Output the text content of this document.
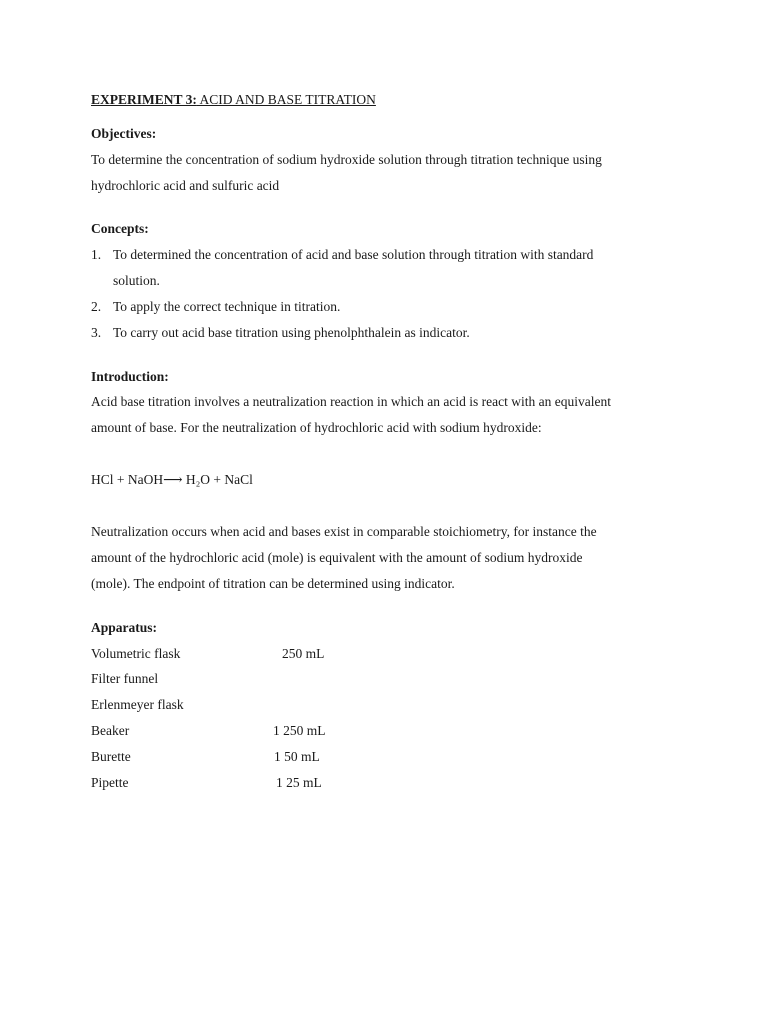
EXPERIMENT 3: ACID AND BASE TITRATION
Objectives:
To determine the concentration of sodium hydroxide solution through titration technique using
hydrochloric acid and sulfuric acid
Concepts:
1. To determined the concentration of acid and base solution through titration with standard
solution.
2. To apply the correct technique in titration.
3. To carry out acid base titration using phenolphthalein as indicator.
Introduction:
Acid base titration involves a neutralization reaction in which an acid is react with an equivalent
amount of base. For the neutralization of hydrochloric acid with sodium hydroxide:
HCl + NaOH⟶ H₂O + NaCl
Neutralization occurs when acid and bases exist in comparable stoichiometry, for instance the
amount of the hydrochloric acid (mole) is equivalent with the amount of sodium hydroxide
(mole). The endpoint of titration can be determined using indicator.
Apparatus:
Volumetric flask	250 mL
Filter funnel
Erlenmeyer flask
Beaker	1 250 mL
Burette	1 50 mL
Pipette	1 25 mL
